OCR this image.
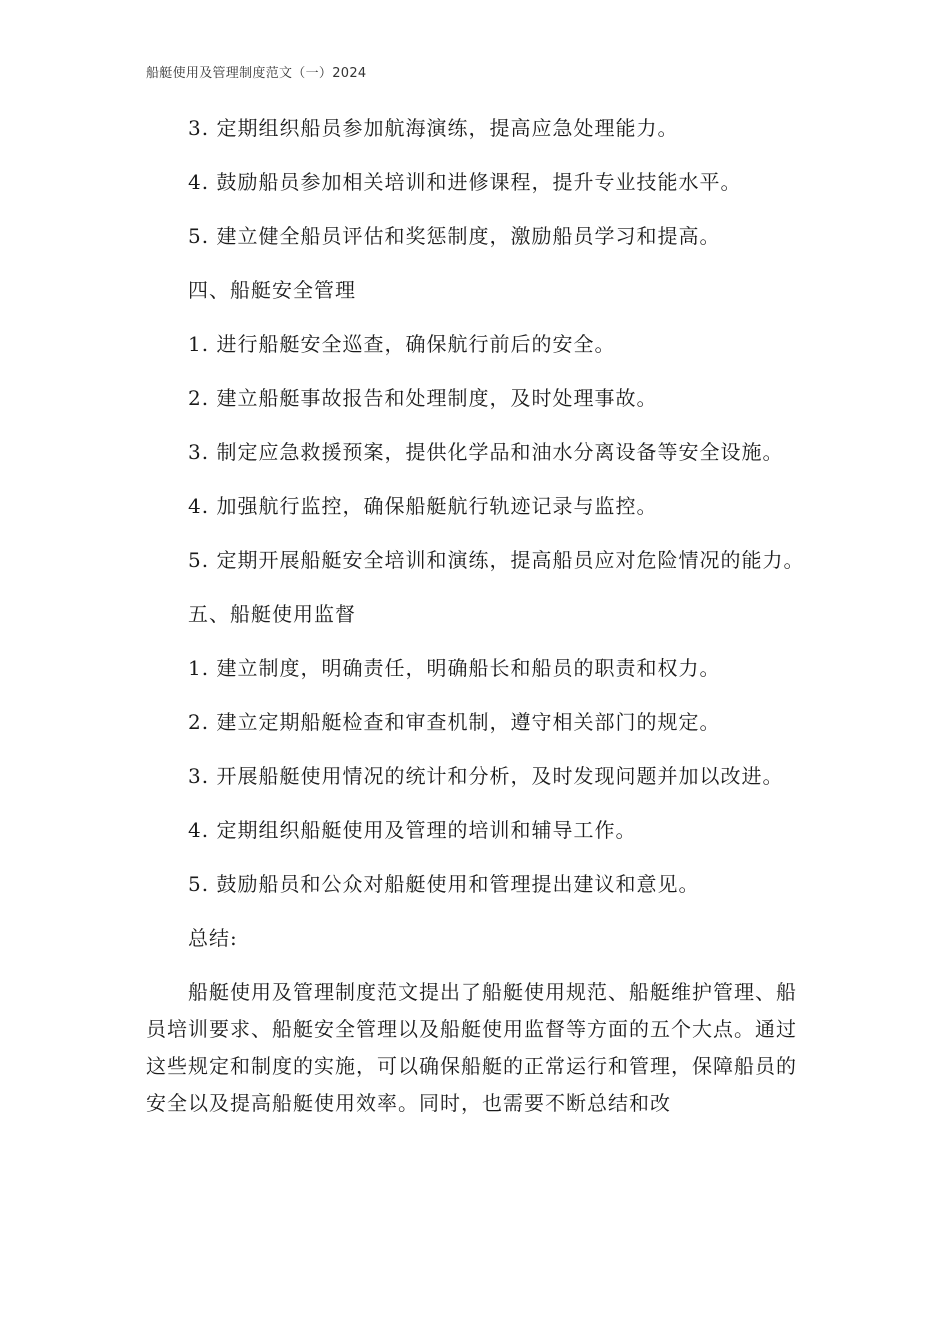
船艇使用及管理制度范文（一）2024

3. 定期组织船员参加航海演练，提高应急处理能力。

4. 鼓励船员参加相关培训和进修课程，提升专业技能水平。

5. 建立健全船员评估和奖惩制度，激励船员学习和提高。

四、船艇安全管理

1. 进行船艇安全巡查，确保航行前后的安全。

2. 建立船艇事故报告和处理制度，及时处理事故。

3. 制定应急救援预案，提供化学品和油水分离设备等安全设施。

4. 加强航行监控，确保船艇航行轨迹记录与监控。

5. 定期开展船艇安全培训和演练，提高船员应对危险情况的能力。

五、船艇使用监督

1. 建立制度，明确责任，明确船长和船员的职责和权力。

2. 建立定期船艇检查和审查机制，遵守相关部门的规定。

3. 开展船艇使用情况的统计和分析，及时发现问题并加以改进。

4. 定期组织船艇使用及管理的培训和辅导工作。

5. 鼓励船员和公众对船艇使用和管理提出建议和意见。

总结:

船艇使用及管理制度范文提出了船艇使用规范、船艇维护管理、船员培训要求、船艇安全管理以及船艇使用监督等方面的五个大点。通过这些规定和制度的实施，可以确保船艇的正常运行和管理，保障船员的安全以及提高船艇使用效率。同时，也需要不断总结和改
